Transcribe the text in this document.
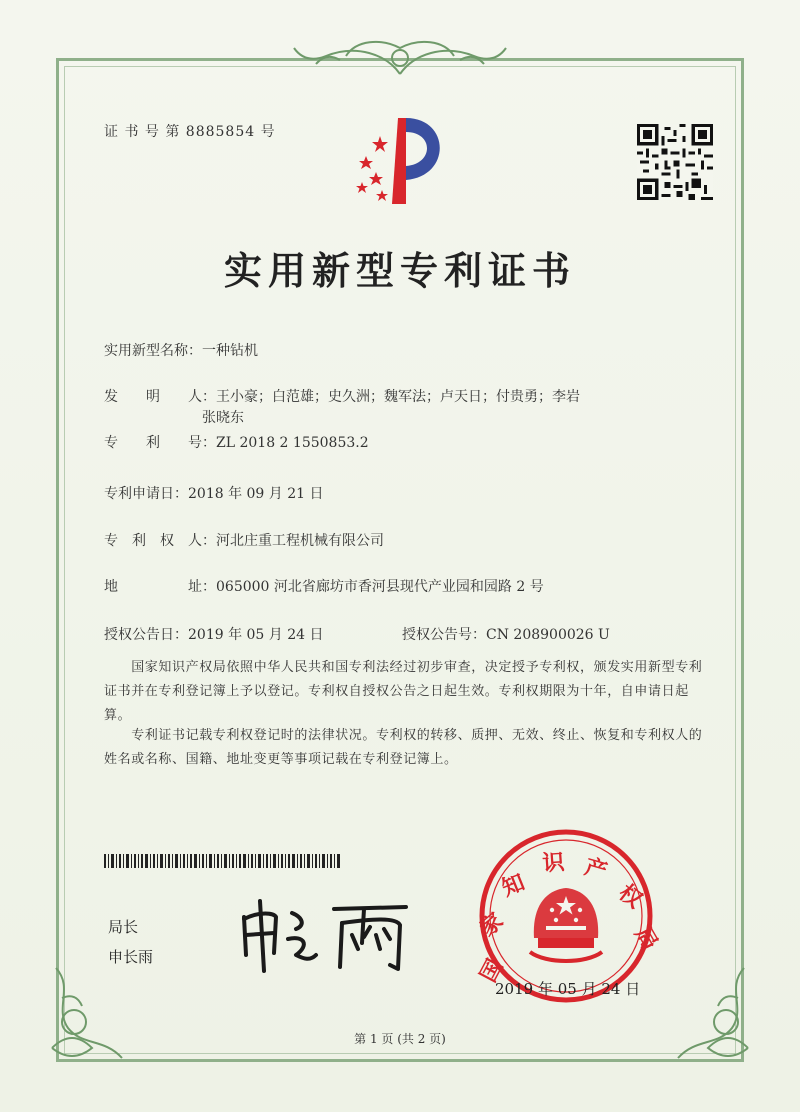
证 书 号 第 8885854 号
实用新型专利证书
实用新型名称：一种钻机
发　　明　　人：王小豪；白范雄；史久洲；魏军法；卢天日；付贵勇；李岩
张晓东
专　　利　　号：ZL 2018 2 1550853.2
专利申请日：2018 年 09 月 21 日
专　利　权　人：河北庄重工程机械有限公司
地　　　　　址：065000 河北省廊坊市香河县现代产业园和园路 2 号
授权公告日：2019 年 05 月 24 日	授权公告号：CN 208900026 U
　　国家知识产权局依照中华人民共和国专利法经过初步审查，决定授予专利权，颁发实用新型专利证书并在专利登记簿上予以登记。专利权自授权公告之日起生效。专利权期限为十年，自申请日起算。
　　专利证书记载专利权登记时的法律状况。专利权的转移、质押、无效、终止、恢复和专利权人的姓名或名称、国籍、地址变更等事项记载在专利登记簿上。
局长
申长雨	国
家
知
识 产
权
局
2019 年 05 月 24 日
第 1 页 (共 2 页)
